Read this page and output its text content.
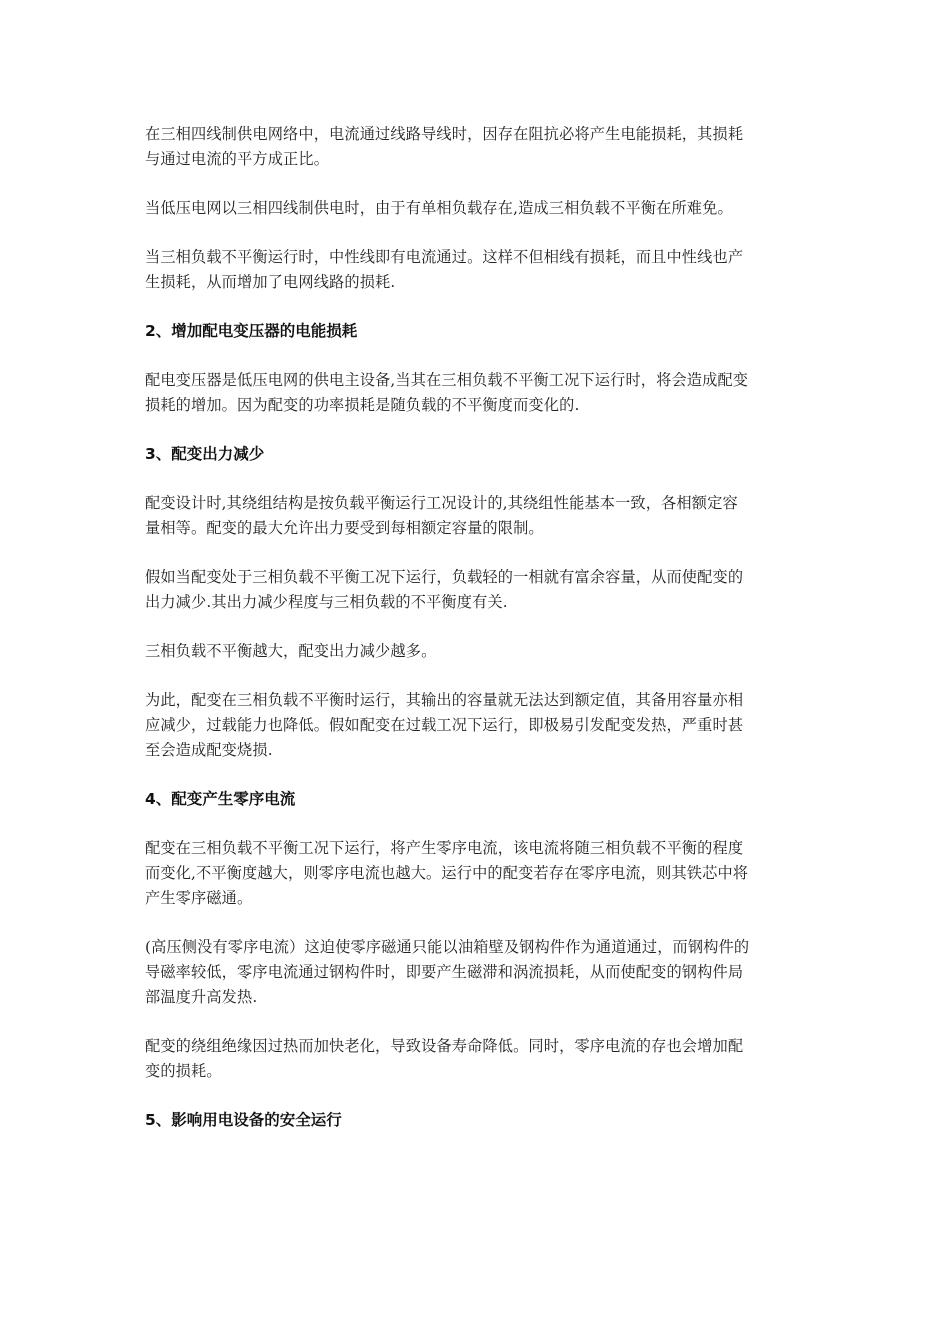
在三相四线制供电网络中，电流通过线路导线时，因存在阻抗必将产生电能损耗，其损耗
与通过电流的平方成正比。

当低压电网以三相四线制供电时，由于有单相负载存在,造成三相负载不平衡在所难免。

当三相负载不平衡运行时，中性线即有电流通过。这样不但相线有损耗，而且中性线也产
生损耗，从而增加了电网线路的损耗.

2、增加配电变压器的电能损耗

配电变压器是低压电网的供电主设备,当其在三相负载不平衡工况下运行时，将会造成配变
损耗的增加。因为配变的功率损耗是随负载的不平衡度而变化的.

3、配变出力减少

配变设计时,其绕组结构是按负载平衡运行工况设计的,其绕组性能基本一致，各相额定容
量相等。配变的最大允许出力要受到每相额定容量的限制。

假如当配变处于三相负载不平衡工况下运行，负载轻的一相就有富余容量，从而使配变的
出力减少.其出力减少程度与三相负载的不平衡度有关.

三相负载不平衡越大，配变出力减少越多。

为此，配变在三相负载不平衡时运行，其输出的容量就无法达到额定值，其备用容量亦相
应减少，过载能力也降低。假如配变在过载工况下运行，即极易引发配变发热，严重时甚
至会造成配变烧损.

4、配变产生零序电流

配变在三相负载不平衡工况下运行，将产生零序电流，该电流将随三相负载不平衡的程度
而变化,不平衡度越大，则零序电流也越大。运行中的配变若存在零序电流，则其铁芯中将
产生零序磁通。

(高压侧没有零序电流）这迫使零序磁通只能以油箱壁及钢构件作为通道通过，而钢构件的
导磁率较低，零序电流通过钢构件时，即要产生磁滞和涡流损耗，从而使配变的钢构件局
部温度升高发热.

配变的绕组绝缘因过热而加快老化，导致设备寿命降低。同时，零序电流的存也会增加配
变的损耗。

5、影响用电设备的安全运行
